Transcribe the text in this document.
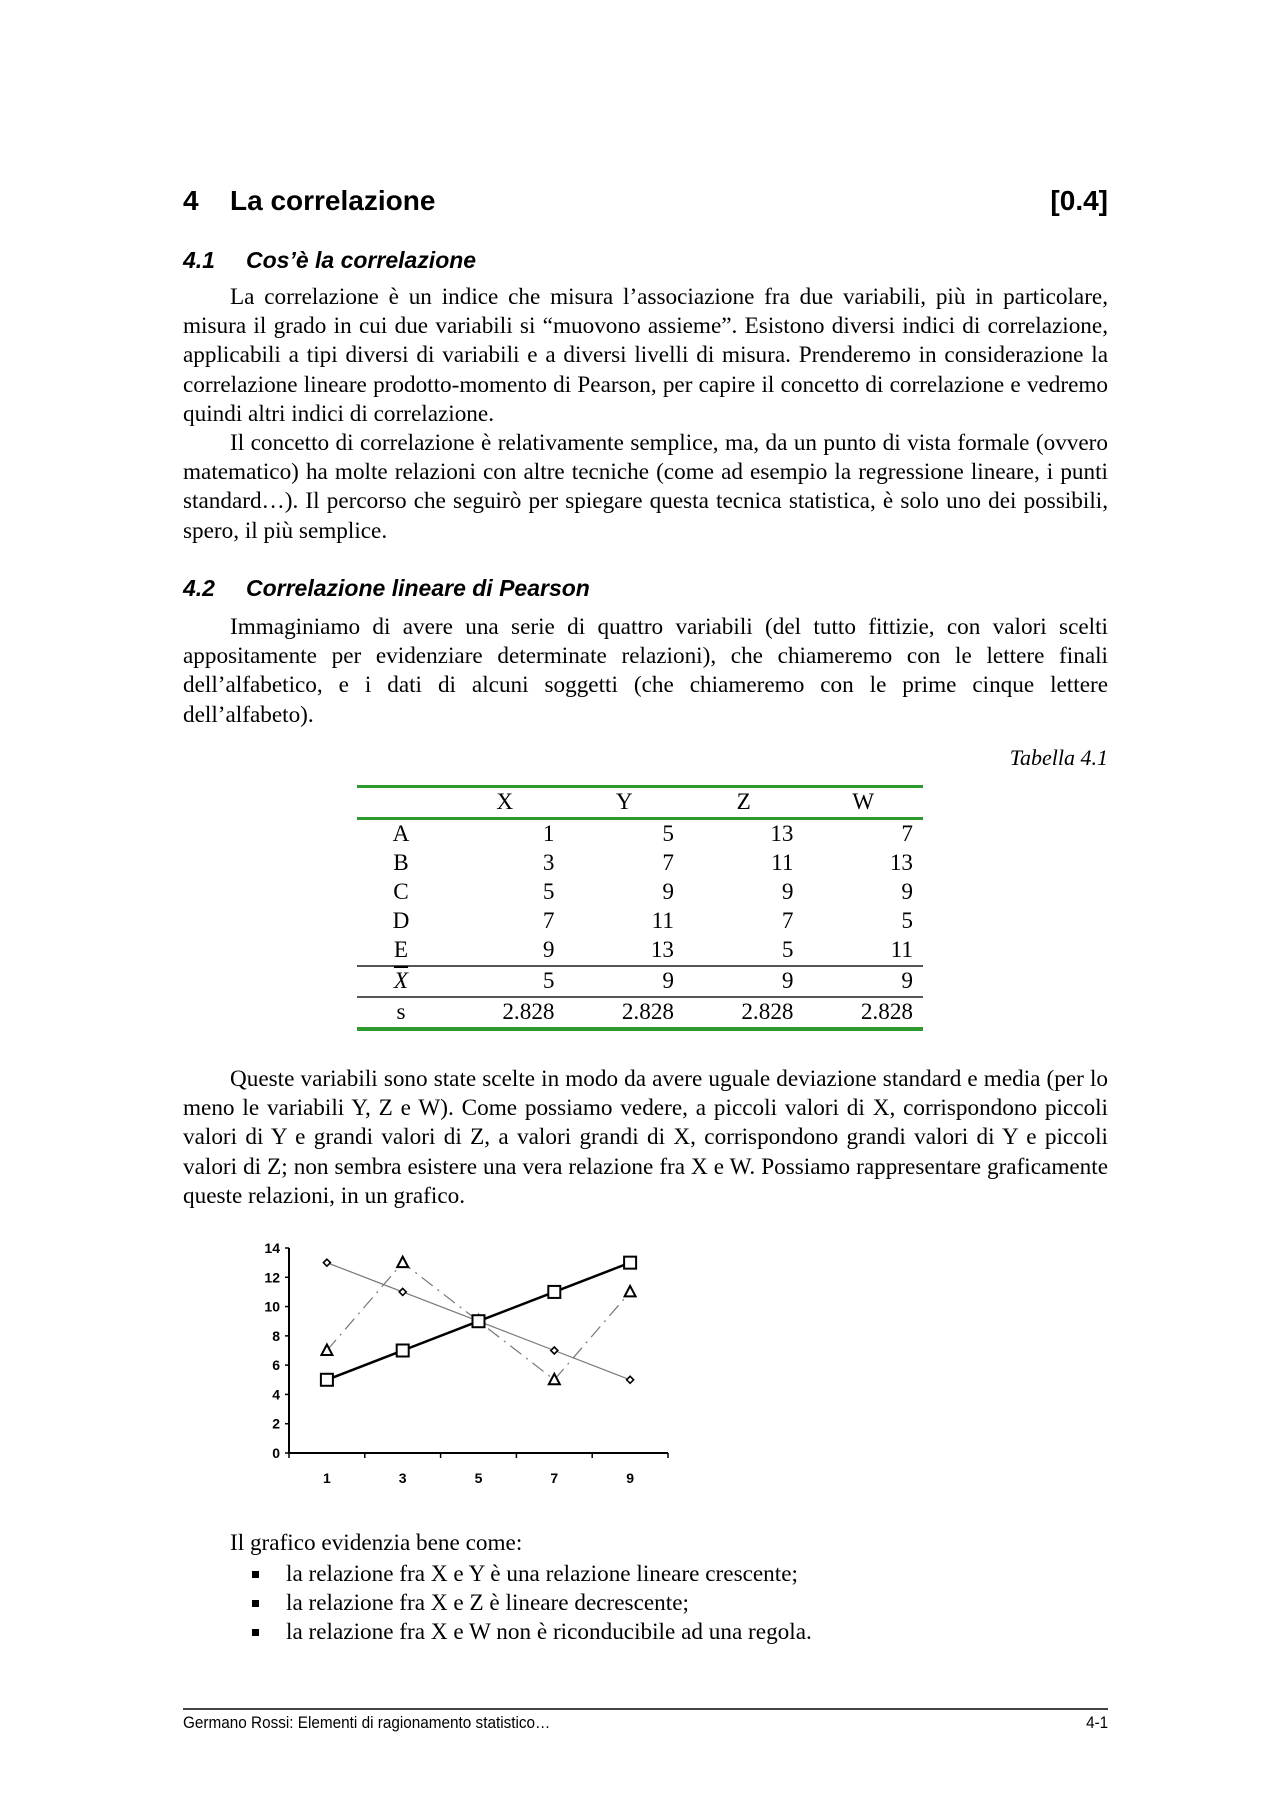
4 La correlazione	[0.4]
4.1 Cos’è la correlazione

La correlazione è un indice che misura l’associazione fra due variabili, più in particolare, misura il grado in cui due variabili si “muovono assieme”. Esistono diversi indici di correlazione, applicabili a tipi diversi di variabili e a diversi livelli di misura. Prenderemo in considerazione la correlazione lineare prodotto-momento di Pearson, per capire il concetto di correlazione e vedremo quindi altri indici di correlazione.

Il concetto di correlazione è relativamente semplice, ma, da un punto di vista formale (ovvero matematico) ha molte relazioni con altre tecniche (come ad esempio la regressione lineare, i punti standard…). Il percorso che seguirò per spiegare questa tecnica statistica, è solo uno dei possibili, spero, il più semplice.

4.2 Correlazione lineare di Pearson

Immaginiamo di avere una serie di quattro variabili (del tutto fittizie, con valori scelti appositamente per evidenziare determinate relazioni), che chiameremo con le lettere finali dell’alfabetico, e i dati di alcuni soggetti (che chiameremo con le prime cinque lettere dell’alfabeto).

Tabella 4.1
	X	Y	Z	W
A	1	5	13	7
B	3	7	11	13
C	5	9	9	9
D	7	11	7	5
E	9	13	5	11
$\overline{X}$	5	9	9	9
s	2.828	2.828	2.828	2.828

Queste variabili sono state scelte in modo da avere uguale deviazione standard e media (per lo meno le variabili Y, Z e W). Come possiamo vedere, a piccoli valori di X, corrispondono piccoli valori di Y e grandi valori di Z, a valori grandi di X, corrispondono grandi valori di Y e piccoli valori di Z; non sembra esistere una vera relazione fra X e W. Possiamo rappresentare graficamente queste relazioni, in un grafico.

0
2
4
6
8
10
12
14
1	3	5	7	9
Il grafico evidenzia bene come:
la relazione fra X e Y è una relazione lineare crescente;
la relazione fra X e Z è lineare decrescente;
la relazione fra X e W non è riconducibile ad una regola.
Germano Rossi: Elementi di ragionamento statistico…	4-1
